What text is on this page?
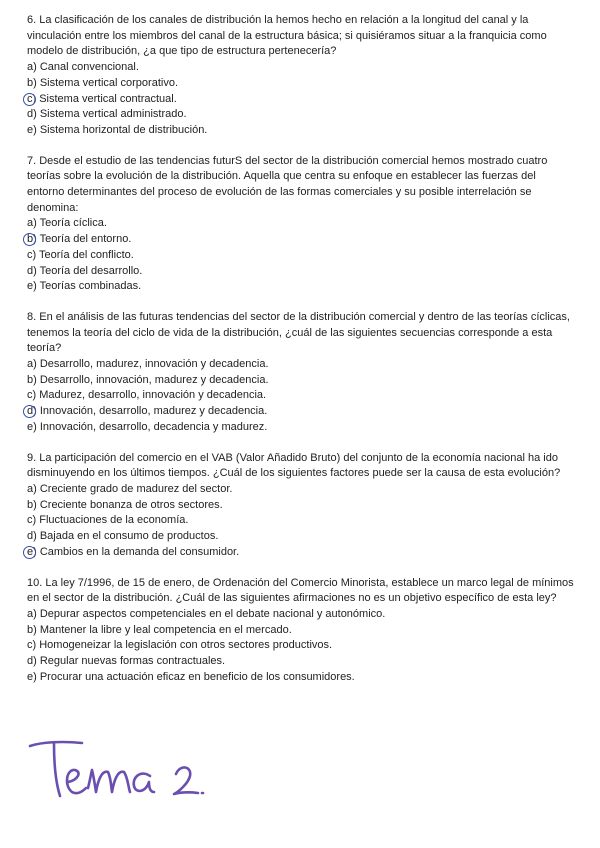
6. La clasificación de los canales de distribución la hemos hecho en relación a la longitud del canal y la vinculación entre los miembros del canal de la estructura básica; si quisiéramos situar a la franquicia como modelo de distribución, ¿a que tipo de estructura pertenecería?

a) Canal convencional.
b) Sistema vertical corporativo.
c) Sistema vertical contractual.
d) Sistema vertical administrado.
e) Sistema horizontal de distribución.

7. Desde el estudio de las tendencias futurS del sector de la distribución comercial hemos mostrado cuatro teorías sobre la evolución de la distribución. Aquella que centra su enfoque en establecer las fuerzas del entorno determinantes del proceso de evolución de las formas comerciales y su posible interrelación se denomina:

a) Teoría cíclica.
b) Teoría del entorno.
c) Teoría del conflicto.
d) Teoría del desarrollo.
e) Teorías combinadas.

8. En el análisis de las futuras tendencias del sector de la distribución comercial y dentro de las teorías cíclicas, tenemos la teoría del ciclo de vida de la distribución, ¿cuál de las siguientes secuencias corresponde a esta teoría?

a) Desarrollo, madurez, innovación y decadencia.
b) Desarrollo, innovación, madurez y decadencia.
c) Madurez, desarrollo, innovación y decadencia.
d) Innovación, desarrollo, madurez y decadencia.
e) Innovación, desarrollo, decadencia y madurez.

9. La participación del comercio en el VAB (Valor Añadido Bruto) del conjunto de la economía nacional ha ido disminuyendo en los últimos tiempos. ¿Cuál de los siguientes factores puede ser la causa de esta evolución?

a) Creciente grado de madurez del sector.
b) Creciente bonanza de otros sectores.
c) Fluctuaciones de la economía.
d) Bajada en el consumo de productos.
e) Cambios en la demanda del consumidor.

10. La ley 7/1996, de 15 de enero, de Ordenación del Comercio Minorista, establece un marco legal de mínimos en el sector de la distribución. ¿Cuál de las siguientes afirmaciones no es un objetivo específico de esta ley?

a) Depurar aspectos competenciales en el debate nacional y autonómico.
b) Mantener la libre y leal competencia en el mercado.
c) Homogeneizar la legislación con otros sectores productivos.
d) Regular nuevas formas contractuales.
e) Procurar una actuación eficaz en beneficio de los consumidores.
